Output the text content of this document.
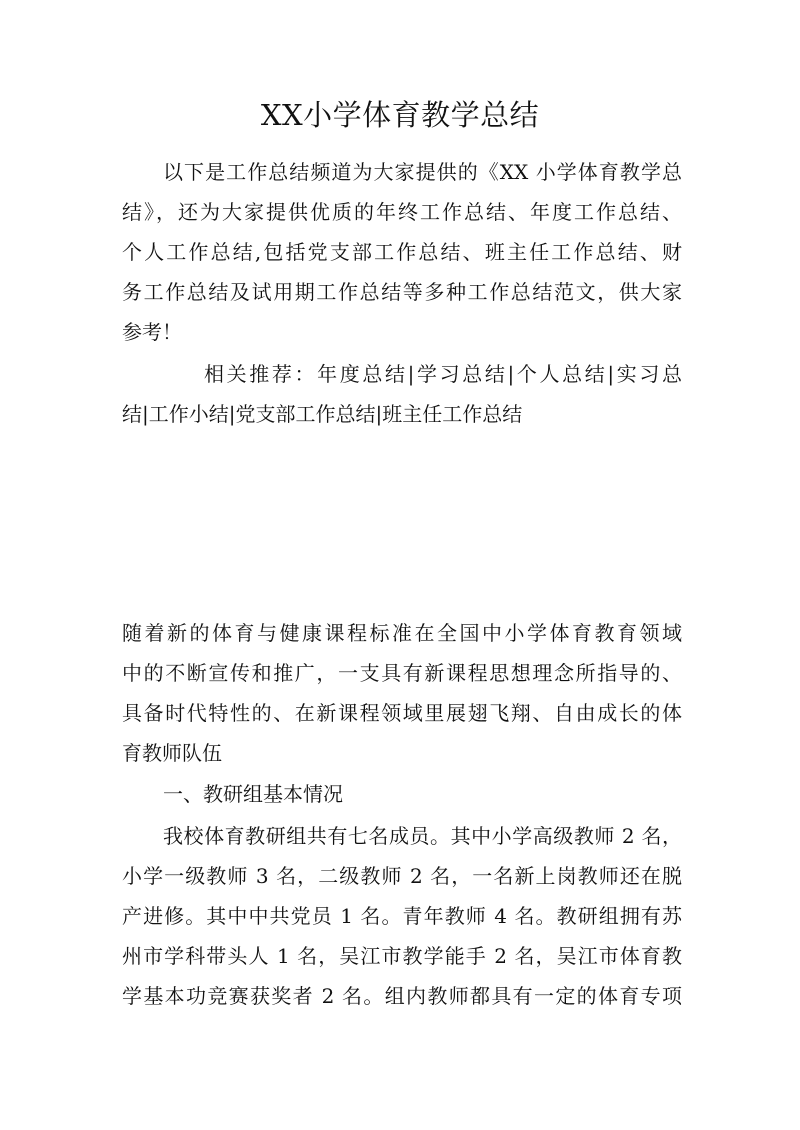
XX小学体育教学总结
以下是工作总结频道为大家提供的《XX 小学体育教学总
结》，还为大家提供优质的年终工作总结、年度工作总结、
个人工作总结,包括党支部工作总结、班主任工作总结、财
务工作总结及试用期工作总结等多种工作总结范文，供大家
参考！
相关推荐：年度总结|学习总结|个人总结|实习总
结|工作小结|党支部工作总结|班主任工作总结
随着新的体育与健康课程标准在全国中小学体育教育领域
中的不断宣传和推广，一支具有新课程思想理念所指导的、
具备时代特性的、在新课程领域里展翅飞翔、自由成长的体
育教师队伍
一、教研组基本情况
我校体育教研组共有七名成员。其中小学高级教师 2 名，
小学一级教师 3 名，二级教师 2 名，一名新上岗教师还在脱
产进修。其中中共党员 1 名。青年教师 4 名。教研组拥有苏
州市学科带头人 1 名，吴江市教学能手 2 名，吴江市体育教
学基本功竞赛获奖者 2 名。组内教师都具有一定的体育专项
